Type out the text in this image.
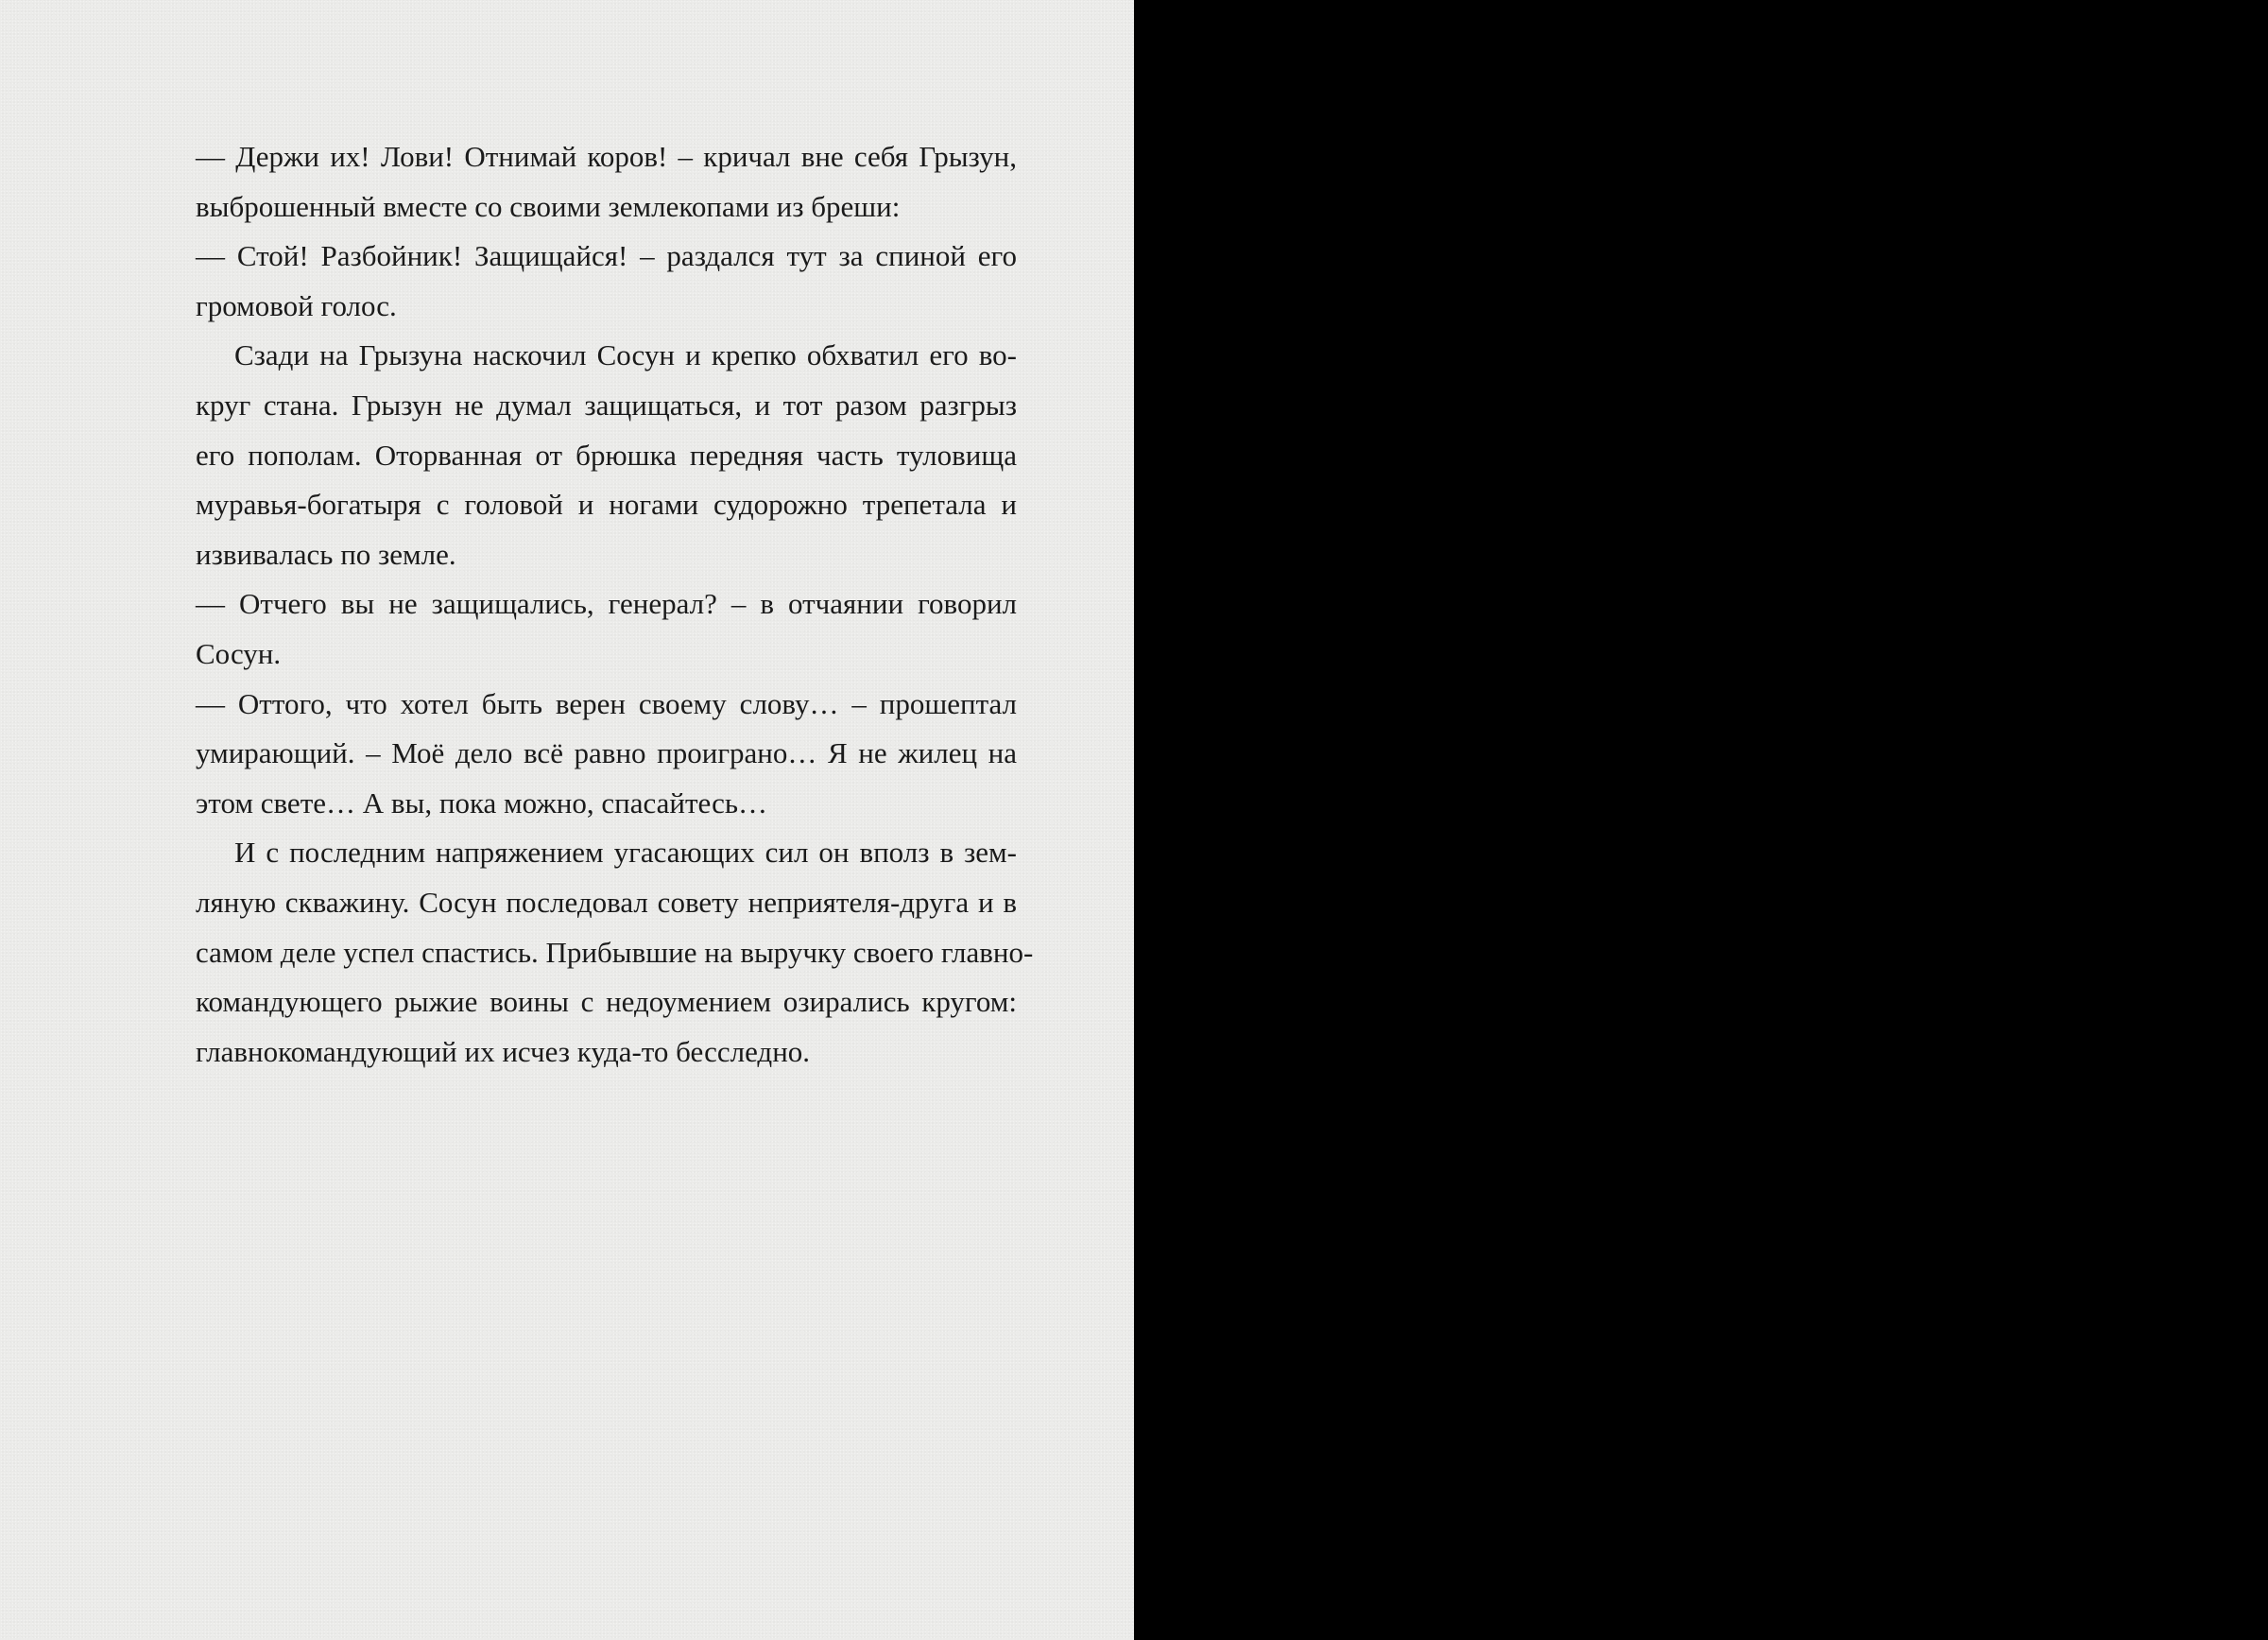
— Держи их! Лови! Отнимай коров! – кричал вне себя Грызун,
выброшенный вместе со своими землекопами из бреши:
— Стой! Разбойник! Защищайся! – раздался тут за спиной его
громовой голос.
Сзади на Грызуна наскочил Сосун и крепко обхватил его во-
круг стана. Грызун не думал защищаться, и тот разом разгрыз
его пополам. Оторванная от брюшка передняя часть туловища
муравья-богатыря с головой и ногами судорожно трепетала и
извивалась по земле.
— Отчего вы не защищались, генерал? – в отчаянии говорил
Сосун.
— Оттого, что хотел быть верен своему слову… – прошептал
умирающий. – Моё дело всё равно проиграно… Я не жилец на
этом свете… А вы, пока можно, спасайтесь…
И с последним напряжением угасающих сил он вполз в зем-
ляную скважину. Сосун последовал совету неприятеля-друга и в
самом деле успел спастись. Прибывшие на выручку своего главно-
командующего рыжие воины с недоумением озирались кругом:
главнокомандующий их исчез куда-то бесследно.
